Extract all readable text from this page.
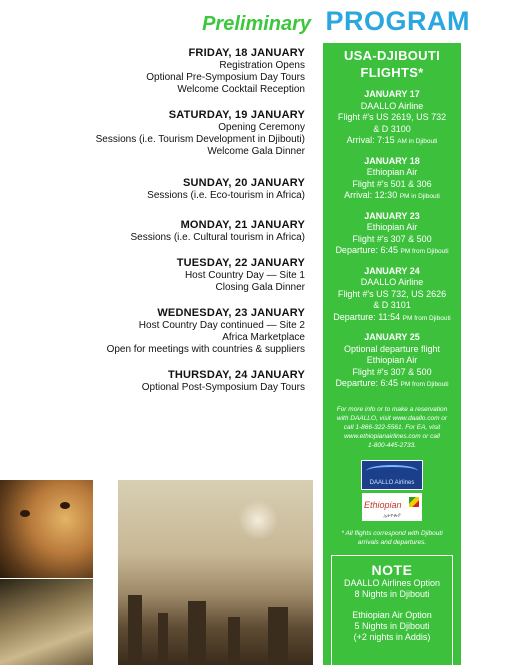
Preliminary PROGRAM
FRIDAY, 18 JANUARY
Registration Opens
Optional Pre-Symposium Day Tours
Welcome Cocktail Reception
SATURDAY, 19 JANUARY
Opening Ceremony
Sessions (i.e. Tourism Development in Djibouti)
Welcome Gala Dinner
SUNDAY, 20 JANUARY
Sessions (i.e. Eco-tourism in Africa)
MONDAY, 21 JANUARY
Sessions (i.e. Cultural tourism in Africa)
TUESDAY, 22 JANUARY
Host Country Day — Site 1
Closing Gala Dinner
WEDNESDAY, 23 JANUARY
Host Country Day continued — Site 2
Africa Marketplace
Open for meetings with countries & suppliers
THURSDAY, 24 JANUARY
Optional Post-Symposium Day Tours
USA-DJIBOUTI
FLIGHTS*
JANUARY 17
DAALLO Airline
Flight #'s US 2619, US 732
& D 3100
Arrival: 7:15 AM in Djibouti
JANUARY 18
Ethiopian Air
Flight #'s 501 & 306
Arrival: 12:30 PM in Djibouti
JANUARY 23
Ethiopian Air
Flight #'s 307 & 500
Departure: 6:45 PM from Djibouti
JANUARY 24
DAALLO Airline
Flight #'s US 732, US 2626
& D 3101
Departure: 11:54 PM from Djibouti
JANUARY 25
Optional departure flight
Ethiopian Air
Flight #'s 307 & 500
Departure: 6:45 PM from Djibouti
For more info or to make a reservation
with DAALLO, visit www.daallo.com or
call 1-866-322-5561. For EA, visit
www.ethiopianairlines.com or call
1-800-445-2733.
DAALLO Airlines
Ethiopian
ኢትዮጵያ
* All flights correspond with Djibouti
arrivals and departures.
NOTE
DAALLO Airlines Option
8 Nights in Djibouti
Ethiopian Air Option
5 Nights in Djibouti
(+2 nights in Addis)
